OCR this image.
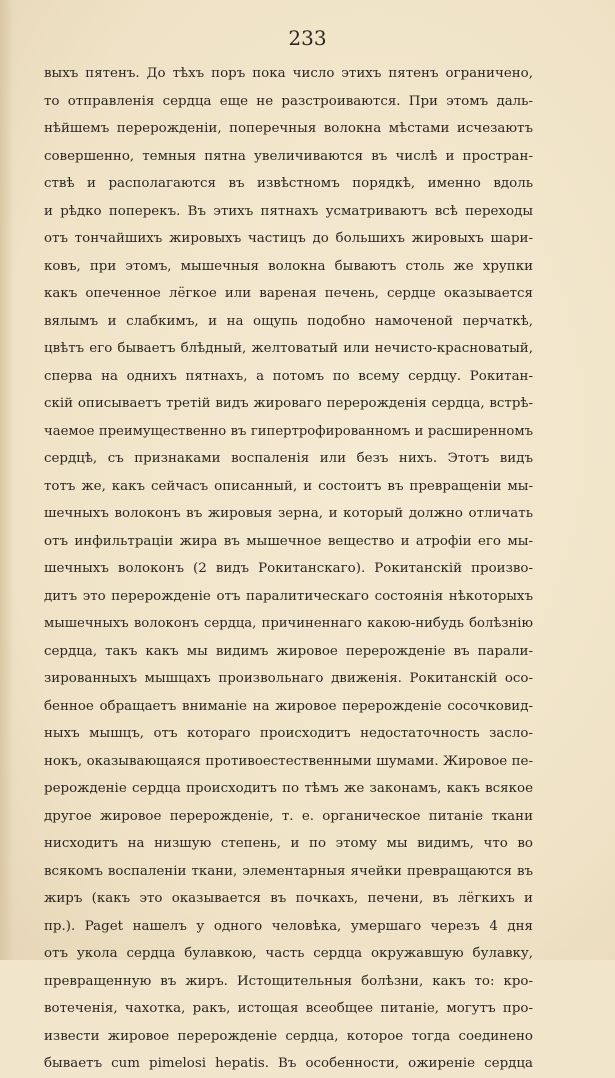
233
выхъ пятенъ. До тѣхъ поръ пока число этихъ пятенъ ограничено,
то отправленія сердца еще не разстроиваются. При этомъ даль-
нѣйшемъ перерожденіи, поперечныя волокна мѣстами исчезаютъ
совершенно, темныя пятна увеличиваются въ числѣ и простран-
ствѣ и располагаются въ извѣстномъ порядкѣ, именно вдоль
и рѣдко поперекъ. Въ этихъ пятнахъ усматриваютъ всѣ переходы
отъ тончайшихъ жировыхъ частицъ до большихъ жировыхъ шари-
ковъ, при этомъ, мышечныя волокна бываютъ столь же хрупки
какъ опеченное лёгкое или вареная печень, сердце оказывается
вялымъ и слабкимъ, и на ощупь подобно намоченой перчаткѣ,
цвѣтъ его бываетъ блѣдный, желтоватый или нечисто-красноватый,
сперва на однихъ пятнахъ, а потомъ по всему сердцу. Рокитан-
скій описываетъ третій видъ жироваго перерожденія сердца, встрѣ-
чаемое преимущественно въ гипертрофированномъ и расширенномъ
сердцѣ, съ признаками воспаленія или безъ нихъ. Этотъ видъ
тотъ же, какъ сейчасъ описанный, и состоитъ въ превращеніи мы-
шечныхъ волоконъ въ жировыя зерна, и который должно отличать
отъ инфильтраціи жира въ мышечное вещество и атрофіи его мы-
шечныхъ волоконъ (2 видъ Рокитанскаго). Рокитанскій произво-
дитъ это перерожденіе отъ паралитическаго состоянія нѣкоторыхъ
мышечныхъ волоконъ сердца, причиненнаго какою-нибудь болѣзнію
сердца, такъ какъ мы видимъ жировое перерожденіе въ парали-
зированныхъ мышцахъ произвольнаго движенія. Рокитанскій осо-
бенное обращаетъ вниманіе на жировое перерожденіе сосочковид-
ныхъ мышцъ, отъ котораго происходитъ недостаточность засло-
нокъ, оказывающаяся противоестественными шумами. Жировое пе-
рерожденіе сердца происходитъ по тѣмъ же законамъ, какъ всякое
другое жировое перерожденіе, т. е. органическое питаніе ткани
нисходитъ на низшую степень, и по этому мы видимъ, что во
всякомъ воспаленіи ткани, элементарныя ячейки превращаются въ
жиръ (какъ это оказывается въ почкахъ, печени, въ лёгкихъ и
пр.). Paget нашелъ у одного человѣка, умершаго черезъ 4 дня
отъ укола сердца булавкою, часть сердца окружавшую булавку,
превращенную въ жиръ. Истощительныя болѣзни, какъ то: кро-
вотеченія, чахотка, ракъ, истощая всеобщее питаніе, могутъ про-
извести жировое перерожденіе сердца, которое тогда соединено
бываетъ cum pimelosi hepatis. Въ особенности, ожиреніе сердца
